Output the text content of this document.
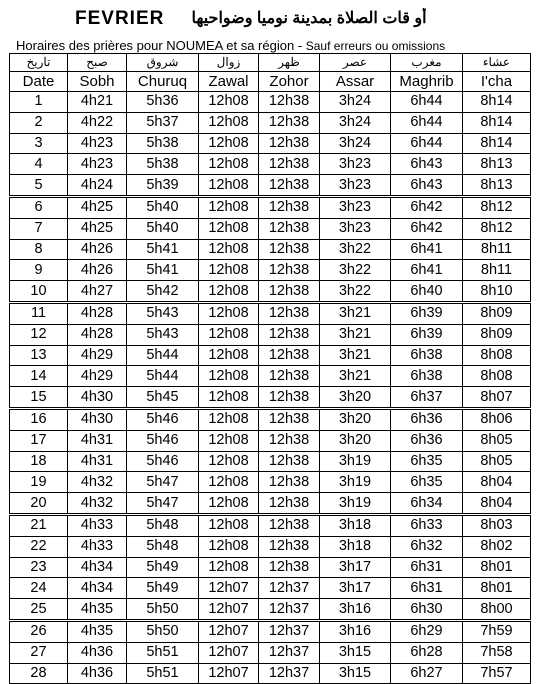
FEVRIER	أو قات الصلاة بمدينة نوميا وضواحيها
Horaires des prières pour NOUMEA et sa région - Sauf erreurs ou omissions
تاريخ	صبح	شروق	زوال	ظهر	عصر	مغرب	عشاء
Date	Sobh	Churuq	Zawal	Zohor	Assar	Maghrib	I'cha
1	4h21	5h36	12h08	12h38	3h24	6h44	8h14
2	4h22	5h37	12h08	12h38	3h24	6h44	8h14
3	4h23	5h38	12h08	12h38	3h24	6h44	8h14
4	4h23	5h38	12h08	12h38	3h23	6h43	8h13
5	4h24	5h39	12h08	12h38	3h23	6h43	8h13
6	4h25	5h40	12h08	12h38	3h23	6h42	8h12
7	4h25	5h40	12h08	12h38	3h23	6h42	8h12
8	4h26	5h41	12h08	12h38	3h22	6h41	8h11
9	4h26	5h41	12h08	12h38	3h22	6h41	8h11
10	4h27	5h42	12h08	12h38	3h22	6h40	8h10
11	4h28	5h43	12h08	12h38	3h21	6h39	8h09
12	4h28	5h43	12h08	12h38	3h21	6h39	8h09
13	4h29	5h44	12h08	12h38	3h21	6h38	8h08
14	4h29	5h44	12h08	12h38	3h21	6h38	8h08
15	4h30	5h45	12h08	12h38	3h20	6h37	8h07
16	4h30	5h46	12h08	12h38	3h20	6h36	8h06
17	4h31	5h46	12h08	12h38	3h20	6h36	8h05
18	4h31	5h46	12h08	12h38	3h19	6h35	8h05
19	4h32	5h47	12h08	12h38	3h19	6h35	8h04
20	4h32	5h47	12h08	12h38	3h19	6h34	8h04
21	4h33	5h48	12h08	12h38	3h18	6h33	8h03
22	4h33	5h48	12h08	12h38	3h18	6h32	8h02
23	4h34	5h49	12h08	12h38	3h17	6h31	8h01
24	4h34	5h49	12h07	12h37	3h17	6h31	8h01
25	4h35	5h50	12h07	12h37	3h16	6h30	8h00
26	4h35	5h50	12h07	12h37	3h16	6h29	7h59
27	4h36	5h51	12h07	12h37	3h15	6h28	7h58
28	4h36	5h51	12h07	12h37	3h15	6h27	7h57
